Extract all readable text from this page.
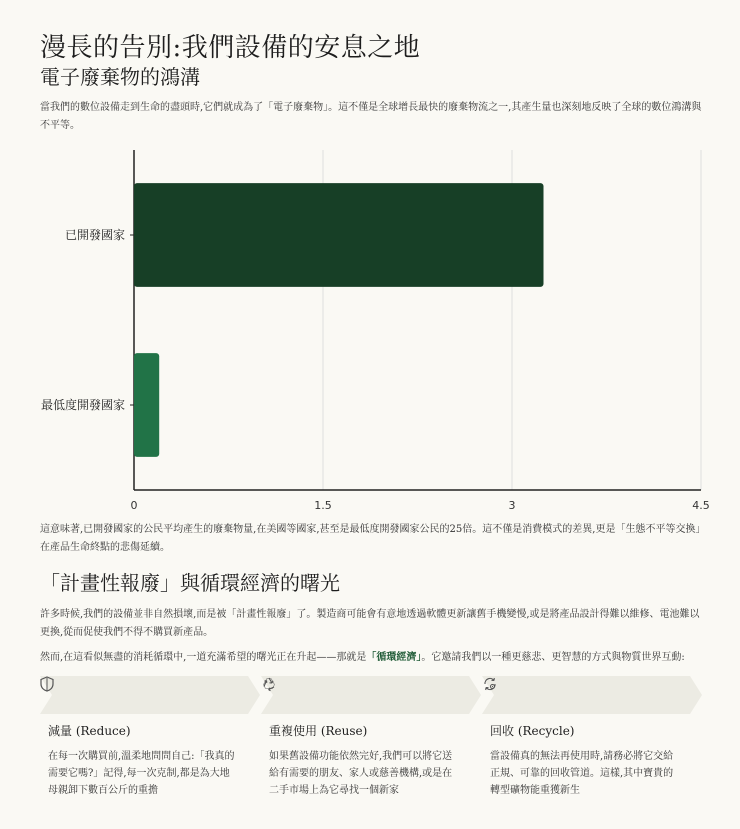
漫長的告別:我們設備的安息之地
電子廢棄物的鴻溝
當我們的數位設備走到生命的盡頭時,它們就成為了「電子廢棄物」。這不僅是全球增長最快的廢棄物流之一,其產生量也深刻地反映了全球的數位鴻溝與不平等。
0	1.5	3	4.5
已開發國家
最低度開發國家
這意味著,已開發國家的公民平均產生的廢棄物量,在美國等國家,甚至是最低度開發國家公民的25倍。這不僅是消費模式的差異,更是「生態不平等交換」在產品生命終點的悲傷延續。
「計畫性報廢」與循環經濟的曙光
許多時候,我們的設備並非自然損壞,而是被「計畫性報廢」了。製造商可能會有意地透過軟體更新讓舊手機變慢,或是將產品設計得難以維修、電池難以更換,從而促使我們不得不購買新產品。
然而,在這看似無盡的消耗循環中,一道充滿希望的曙光正在升起——那就是「循環經濟」。它邀請我們以一種更慈悲、更智慧的方式與物質世界互動:
減量 (Reduce)

在每一次購買前,溫柔地問問自己:「我真的需要它嗎?」記得,每一次克制,都是為大地母親卸下數百公斤的重擔

重複使用 (Reuse)

如果舊設備功能依然完好,我們可以將它送給有需要的朋友、家人或慈善機構,或是在二手市場上為它尋找一個新家

回收 (Recycle)

當設備真的無法再使用時,請務必將它交給正規、可靠的回收管道。這樣,其中寶貴的轉型礦物能重獲新生
